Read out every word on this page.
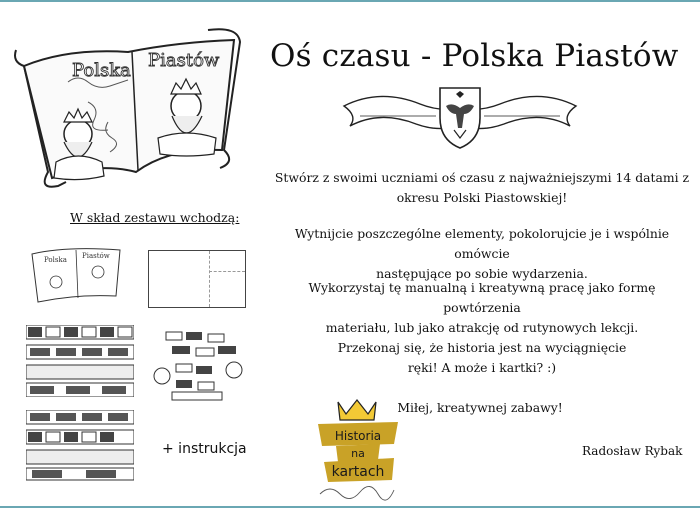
Polska Piastów
W skład zestawu wchodzą:
Polska Piastów
+ instrukcja
Oś czasu - Polska Piastów
Stwórz z swoimi uczniami oś czasu z najważniejszymi 14 datami z
okresu Polski Piastowskiej!
Wytnijcie poszczególne elementy, pokolorujcie je i wspólnie omówcie
następujące po sobie wydarzenia.
Wykorzystaj tę manualną i kreatywną pracę jako formę powtórzenia
materiału, lub jako atrakcję od rutynowych lekcji.
Przekonaj się, że historia jest na wyciągnięcie
ręki! A może i kartki? :)
Miłej, kreatywnej zabawy!
Historia
na
kartach
Radosław Rybak
